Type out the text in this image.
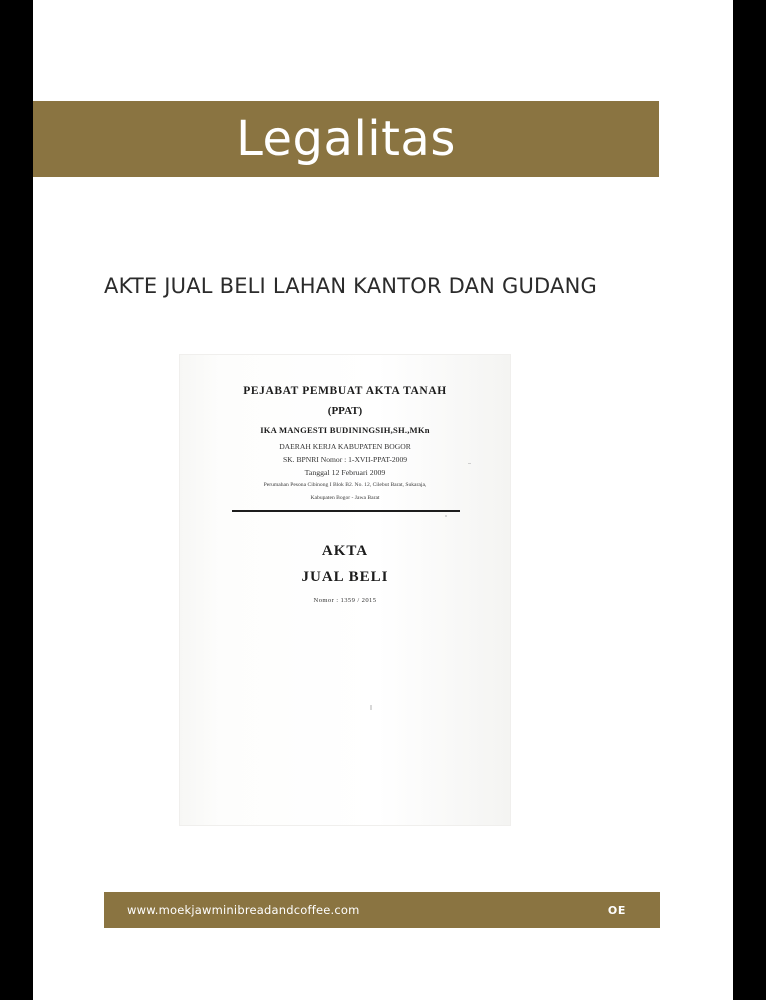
Legalitas
AKTE JUAL BELI LAHAN KANTOR DAN GUDANG
PEJABAT PEMBUAT AKTA TANAH
(PPAT)
IKA MANGESTI BUDININGSIH,SH.,MKn
DAERAH KERJA KABUPATEN BOGOR
SK. BPNRI Nomor : 1-XVII-PPAT-2009
Tanggal 12 Februari 2009
Perumahan Pesona Cibinong I Blok B2. No. 12, Cilebut Barat, Sukaraja,
Kabupaten Bogor - Jawa Barat
AKTA
JUAL BELI
Nomor : 1359 / 2015
www.moekjawminibreadandcoffee.com	OE
